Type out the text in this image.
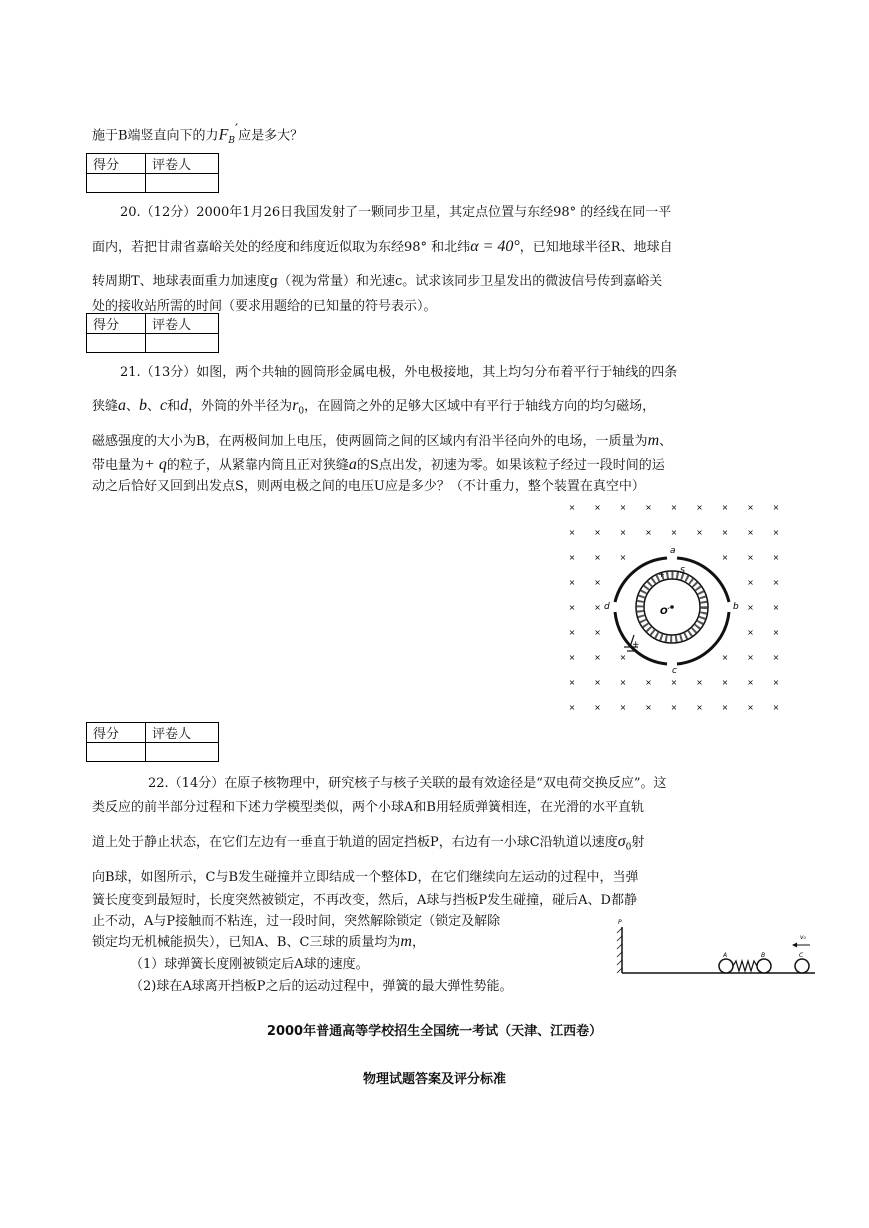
施于B端竖直向下的力$F_B'$应是多大？
得分	评卷人

20.（12分）2000年1月26日我国发射了一颗同步卫星，其定点位置与东经98° 的经线在同一平
面内，若把甘肃省嘉峪关处的经度和纬度近似取为东经98° 和北纬α = 40°，已知地球半径R、地球自
转周期T、地球表面重力加速度g（视为常量）和光速c。试求该同步卫星发出的微波信号传到嘉峪关
处的接收站所需的时间（要求用题给的已知量的符号表示）。
得分	评卷人

21.（13分）如图，两个共轴的圆筒形金属电极，外电极接地，其上均匀分布着平行于轴线的四条
狭缝a、b、c和d，外筒的外半径为$r_0$，在圆筒之外的足够大区域中有平行于轴线方向的均匀磁场，
磁感强度的大小为B，在两极间加上电压，使两圆筒之间的区域内有沿半径向外的电场，一质量为m、
带电量为+ q的粒子，从紧靠内筒且正对狭缝a的S点出发，初速为零。如果该粒子经过一段时间的运
动之后恰好又回到出发点S，则两电极之间的电压U应是多少？（不计重力，整个装置在真空中）
× × × × × × × × ×
× × × × × × × × ×
× × ×	× × ×
× ×	× ×
× ×	× ×
× ×	× ×
× × ×	× × ×
× × × × × × × × ×
× × × × × × × × ×
a
b
c
d
S
O′
+
+
得分	评卷人

22.（14分）在原子核物理中，研究核子与核子关联的最有效途径是“双电荷交换反应”。这
类反应的前半部分过程和下述力学模型类似，两个小球A和B用轻质弹簧相连，在光滑的水平直轨
道上处于静止状态，在它们左边有一垂直于轨道的固定挡板P，右边有一小球C沿轨道以速度$\sigma_0$射
向B球，如图所示，C与B发生碰撞并立即结成一个整体D，在它们继续向左运动的过程中，当弹
簧长度变到最短时，长度突然被锁定，不再改变，然后，A球与挡板P发生碰撞，碰后A、D都静
止不动，A与P接触而不粘连，过一段时间，突然解除锁定（锁定及解除
锁定均无机械能损失），已知A、B、C三球的质量均为m，
（1）球弹簧长度刚被锁定后A球的速度。
（2)球在A球离开挡板P之后的运动过程中，弹簧的最大弹性势能。
P
A	B	C
v₀
2000年普通高等学校招生全国统一考试（天津、江西卷）
物理试题答案及评分标准
